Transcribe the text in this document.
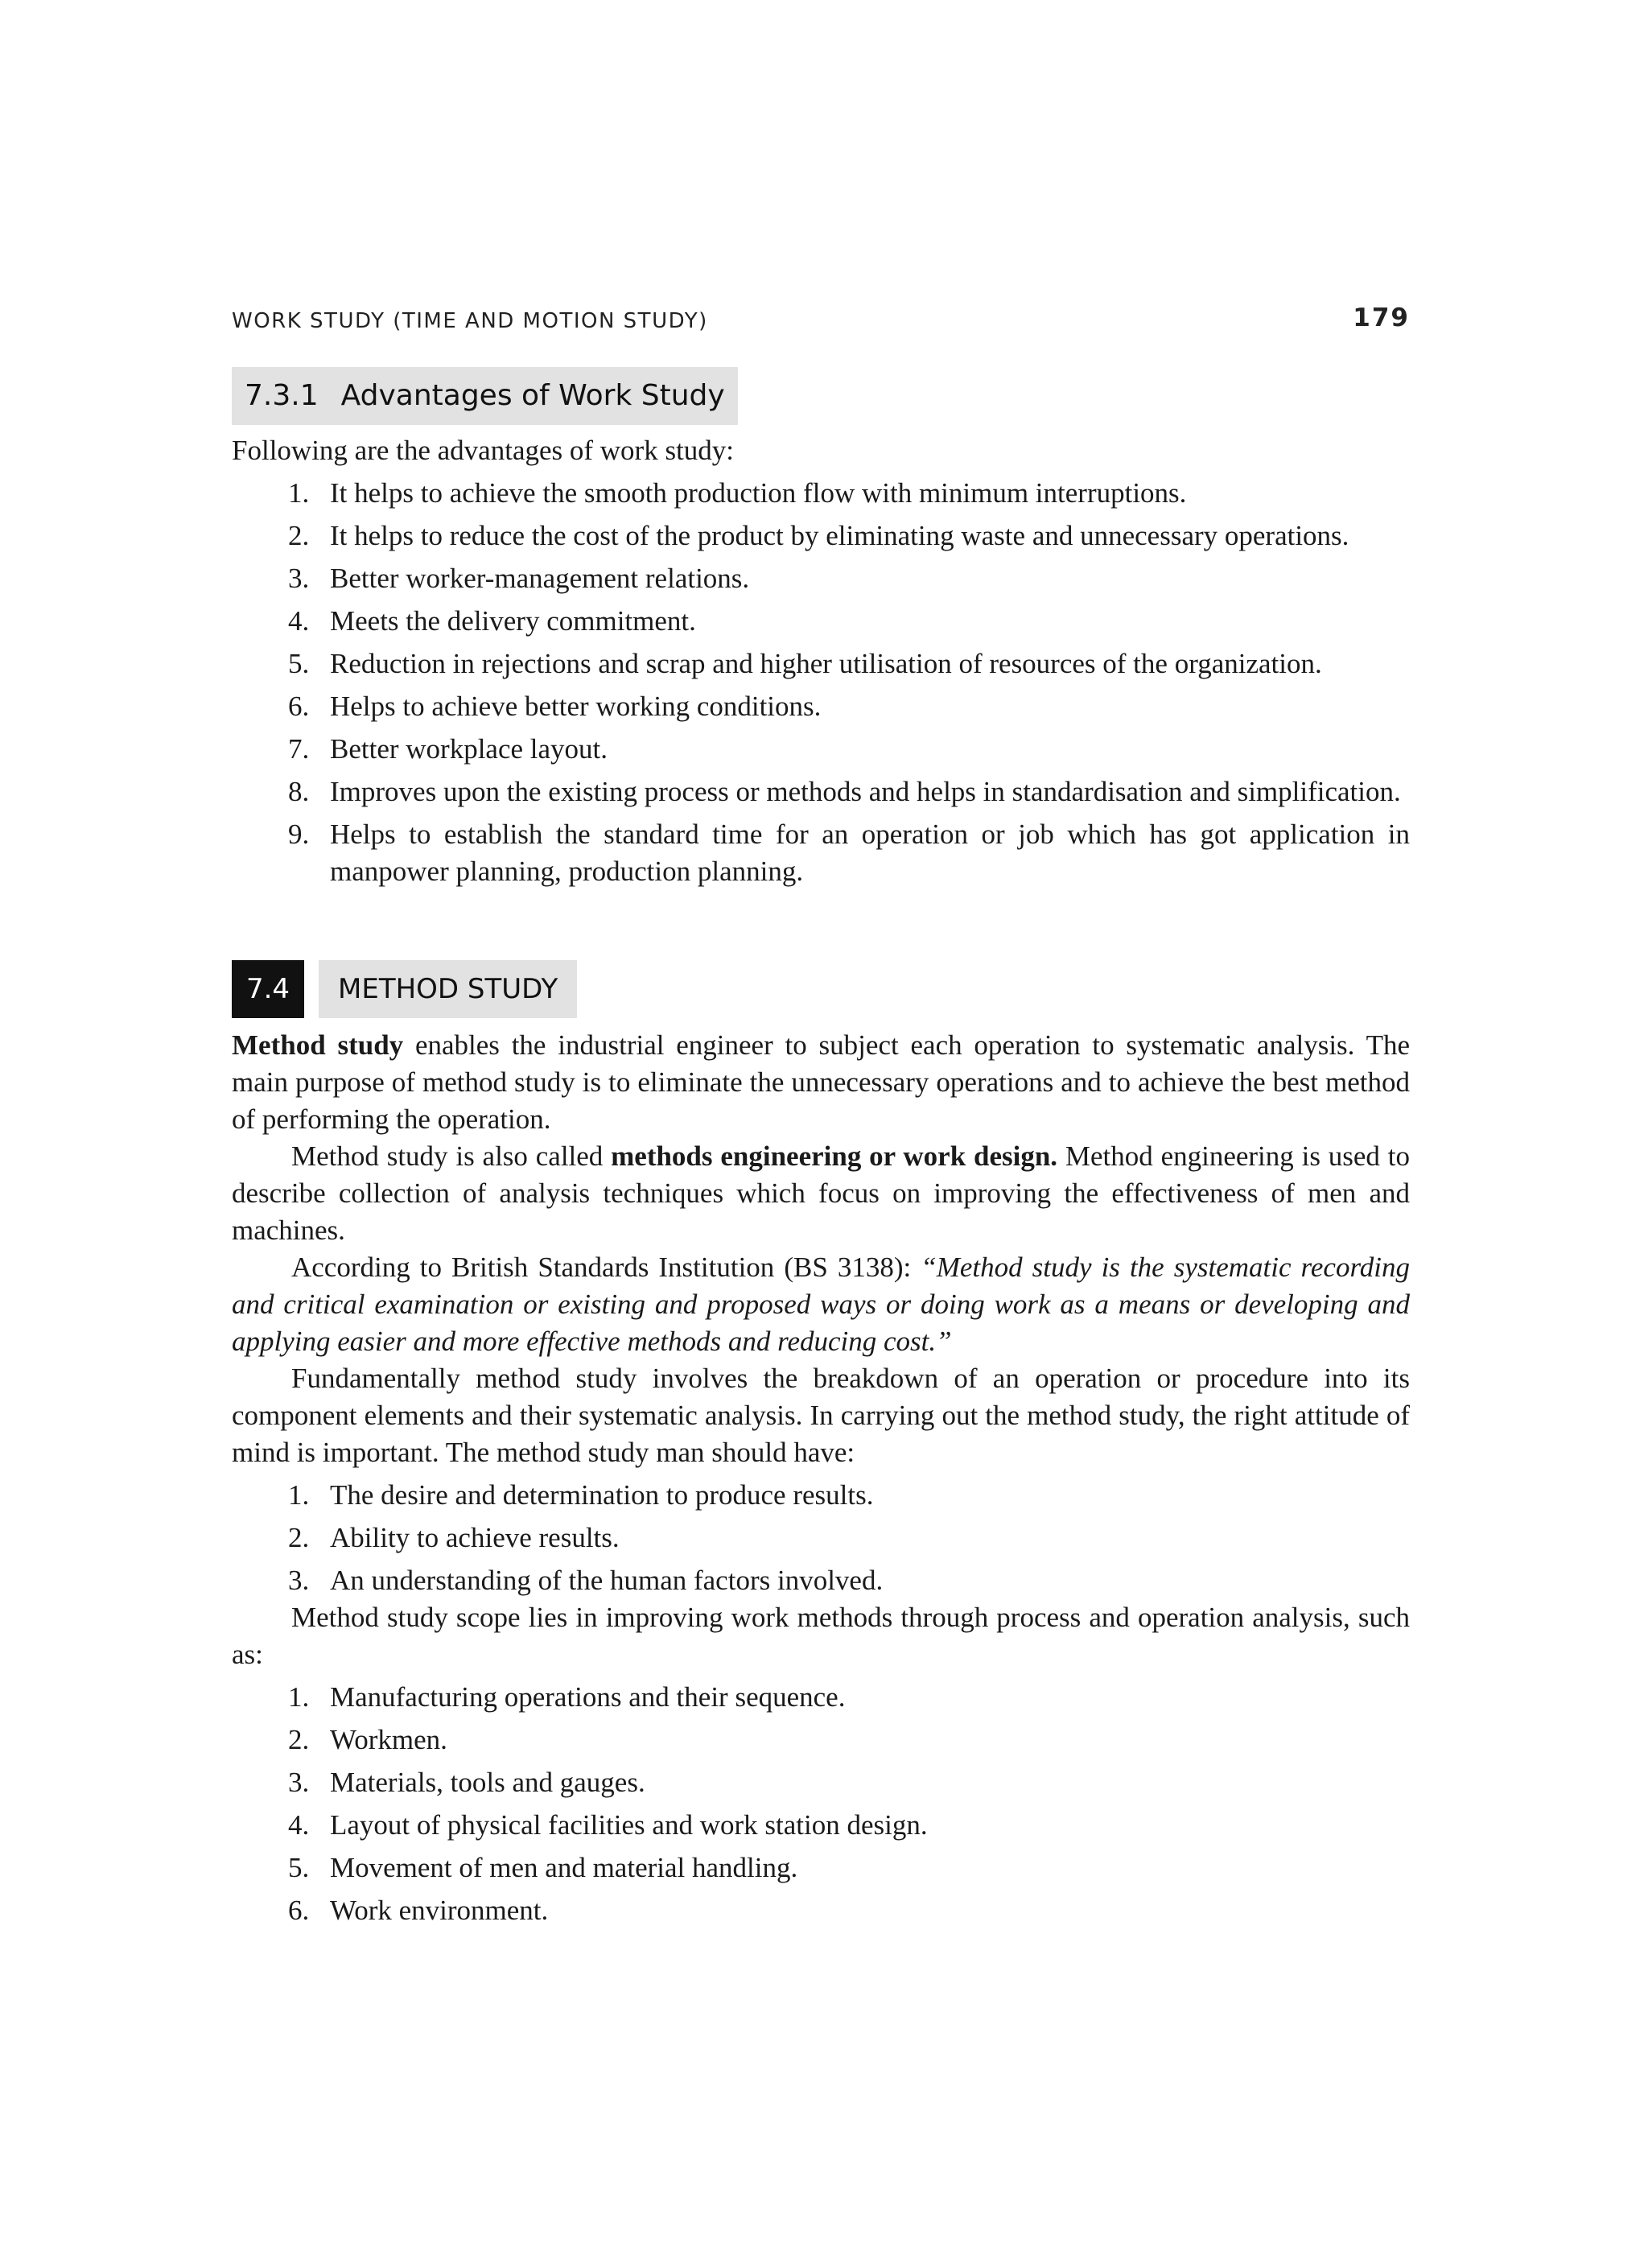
WORK STUDY (TIME AND MOTION STUDY)	179
7.3.1 Advantages of Work Study

Following are the advantages of work study:

1. It helps to achieve the smooth production flow with minimum interruptions.
2. It helps to reduce the cost of the product by eliminating waste and unnecessary operations.
3. Better worker-management relations.
4. Meets the delivery commitment.
5. Reduction in rejections and scrap and higher utilisation of resources of the organization.
6. Helps to achieve better working conditions.
7. Better workplace layout.
8. Improves upon the existing process or methods and helps in standardisation and simplification.
9. Helps to establish the standard time for an operation or job which has got application in manpower planning, production planning.
7.4	METHOD STUDY

Method study enables the industrial engineer to subject each operation to systematic analysis. The main purpose of method study is to eliminate the unnecessary operations and to achieve the best method of performing the operation.

Method study is also called methods engineering or work design. Method engineering is used to describe collection of analysis techniques which focus on improving the effectiveness of men and machines.

According to British Standards Institution (BS 3138): “Method study is the systematic recording and critical examination or existing and proposed ways or doing work as a means or developing and applying easier and more effective methods and reducing cost.”

Fundamentally method study involves the breakdown of an operation or procedure into its component elements and their systematic analysis. In carrying out the method study, the right attitude of mind is important. The method study man should have:

1. The desire and determination to produce results.
2. Ability to achieve results.
3. An understanding of the human factors involved.

Method study scope lies in improving work methods through process and operation analysis, such as:

1. Manufacturing operations and their sequence.
2. Workmen.
3. Materials, tools and gauges.
4. Layout of physical facilities and work station design.
5. Movement of men and material handling.
6. Work environment.
